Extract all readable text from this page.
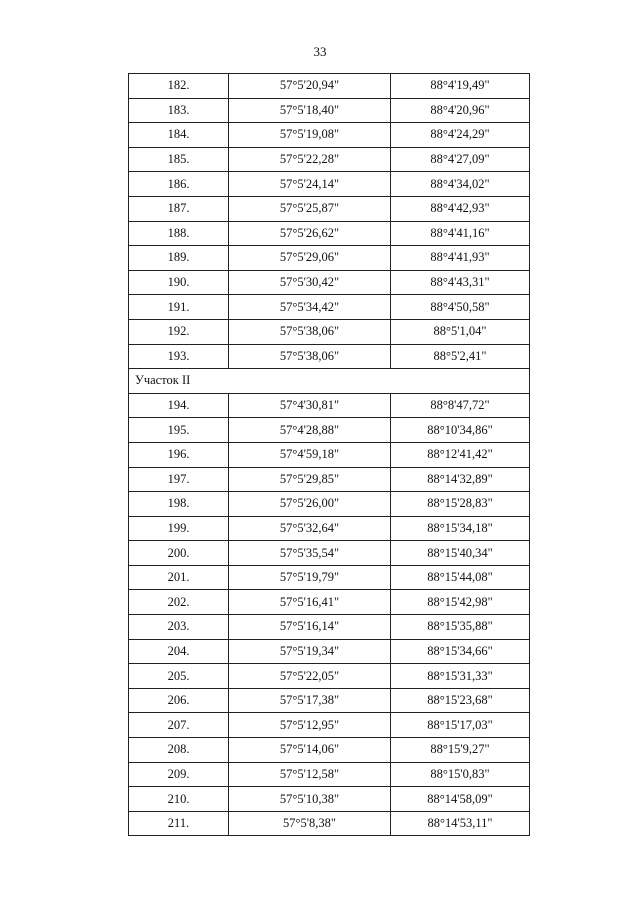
33
182.	57°5'20,94"	88°4'19,49"
183.	57°5'18,40"	88°4'20,96"
184.	57°5'19,08"	88°4'24,29"
185.	57°5'22,28"	88°4'27,09"
186.	57°5'24,14"	88°4'34,02"
187.	57°5'25,87"	88°4'42,93"
188.	57°5'26,62"	88°4'41,16"
189.	57°5'29,06"	88°4'41,93"
190.	57°5'30,42"	88°4'43,31"
191.	57°5'34,42"	88°4'50,58"
192.	57°5'38,06"	88°5'1,04"
193.	57°5'38,06"	88°5'2,41"
Участок II		
194.	57°4'30,81"	88°8'47,72"
195.	57°4'28,88"	88°10'34,86"
196.	57°4'59,18"	88°12'41,42"
197.	57°5'29,85"	88°14'32,89"
198.	57°5'26,00"	88°15'28,83"
199.	57°5'32,64"	88°15'34,18"
200.	57°5'35,54"	88°15'40,34"
201.	57°5'19,79"	88°15'44,08"
202.	57°5'16,41"	88°15'42,98"
203.	57°5'16,14"	88°15'35,88"
204.	57°5'19,34"	88°15'34,66"
205.	57°5'22,05"	88°15'31,33"
206.	57°5'17,38"	88°15'23,68"
207.	57°5'12,95"	88°15'17,03"
208.	57°5'14,06"	88°15'9,27"
209.	57°5'12,58"	88°15'0,83"
210.	57°5'10,38"	88°14'58,09"
211.	57°5'8,38"	88°14'53,11"
